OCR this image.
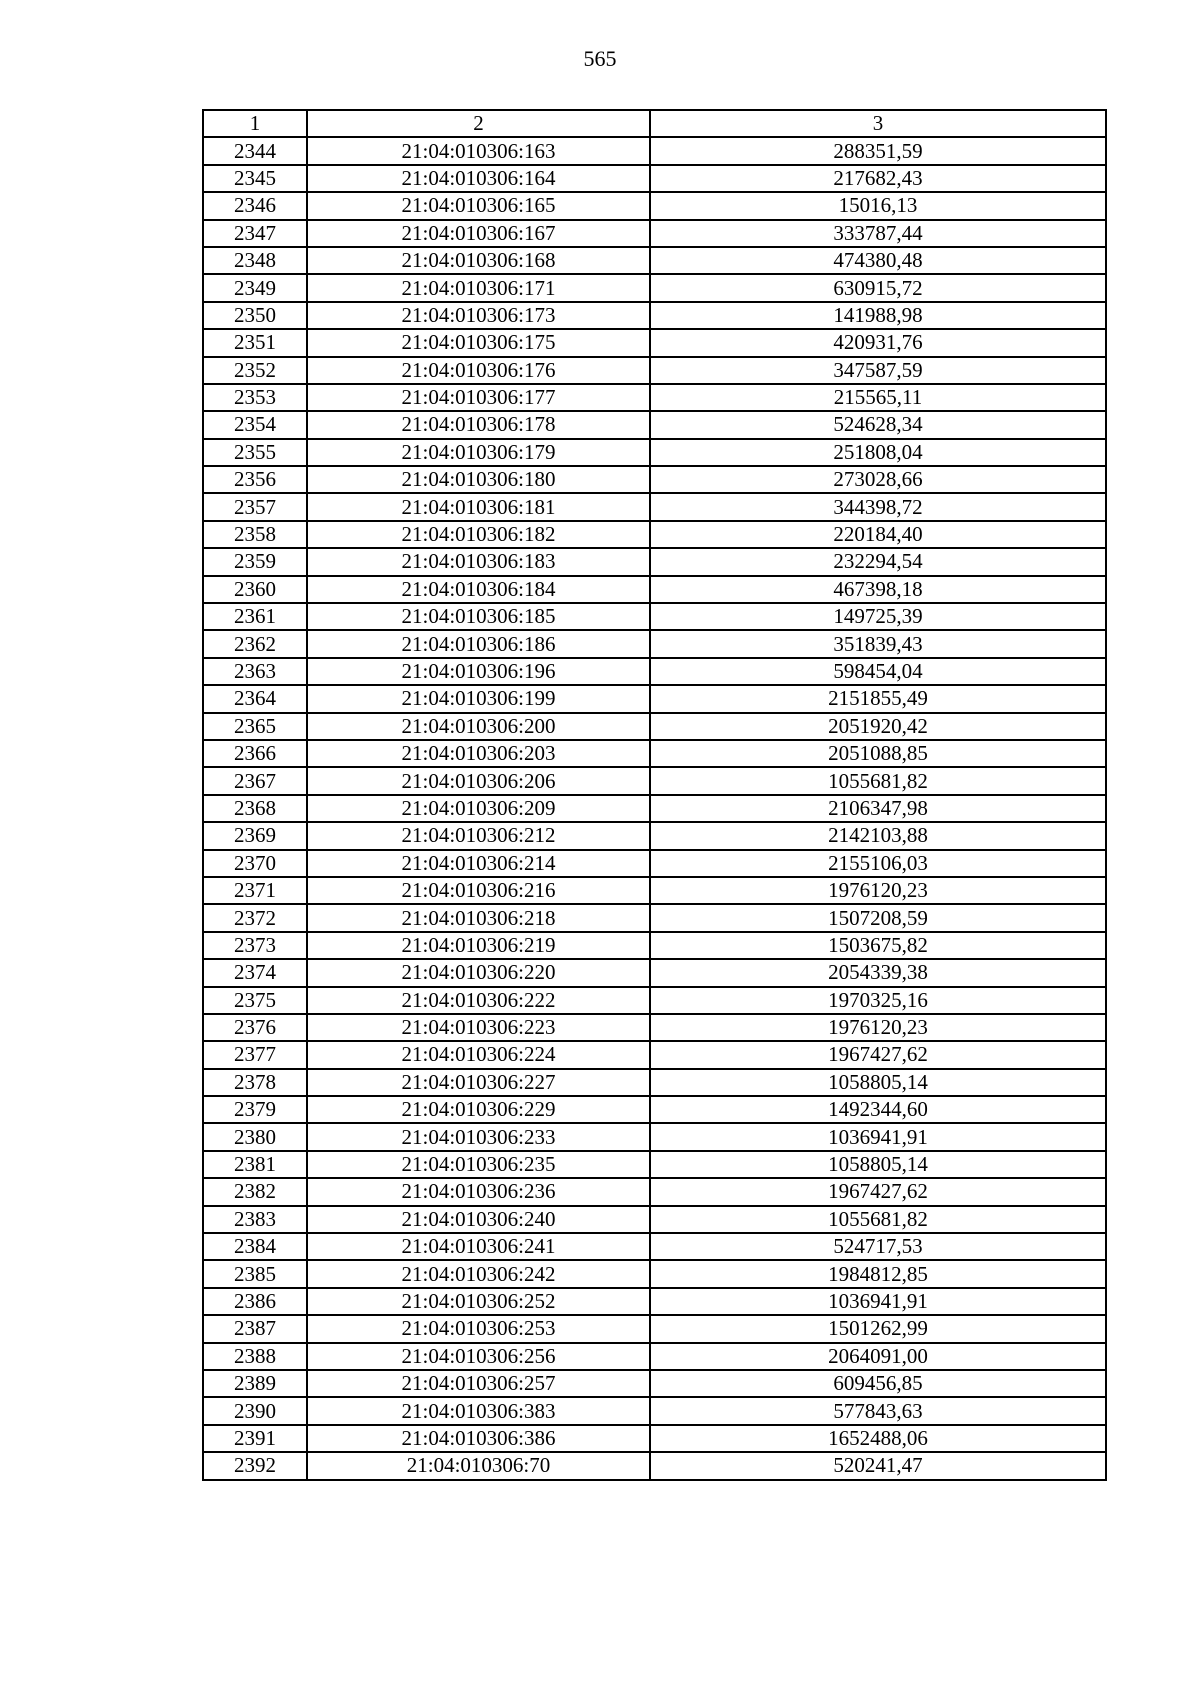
565
1	2	3
2344	21:04:010306:163	288351,59
2345	21:04:010306:164	217682,43
2346	21:04:010306:165	15016,13
2347	21:04:010306:167	333787,44
2348	21:04:010306:168	474380,48
2349	21:04:010306:171	630915,72
2350	21:04:010306:173	141988,98
2351	21:04:010306:175	420931,76
2352	21:04:010306:176	347587,59
2353	21:04:010306:177	215565,11
2354	21:04:010306:178	524628,34
2355	21:04:010306:179	251808,04
2356	21:04:010306:180	273028,66
2357	21:04:010306:181	344398,72
2358	21:04:010306:182	220184,40
2359	21:04:010306:183	232294,54
2360	21:04:010306:184	467398,18
2361	21:04:010306:185	149725,39
2362	21:04:010306:186	351839,43
2363	21:04:010306:196	598454,04
2364	21:04:010306:199	2151855,49
2365	21:04:010306:200	2051920,42
2366	21:04:010306:203	2051088,85
2367	21:04:010306:206	1055681,82
2368	21:04:010306:209	2106347,98
2369	21:04:010306:212	2142103,88
2370	21:04:010306:214	2155106,03
2371	21:04:010306:216	1976120,23
2372	21:04:010306:218	1507208,59
2373	21:04:010306:219	1503675,82
2374	21:04:010306:220	2054339,38
2375	21:04:010306:222	1970325,16
2376	21:04:010306:223	1976120,23
2377	21:04:010306:224	1967427,62
2378	21:04:010306:227	1058805,14
2379	21:04:010306:229	1492344,60
2380	21:04:010306:233	1036941,91
2381	21:04:010306:235	1058805,14
2382	21:04:010306:236	1967427,62
2383	21:04:010306:240	1055681,82
2384	21:04:010306:241	524717,53
2385	21:04:010306:242	1984812,85
2386	21:04:010306:252	1036941,91
2387	21:04:010306:253	1501262,99
2388	21:04:010306:256	2064091,00
2389	21:04:010306:257	609456,85
2390	21:04:010306:383	577843,63
2391	21:04:010306:386	1652488,06
2392	21:04:010306:70	520241,47
